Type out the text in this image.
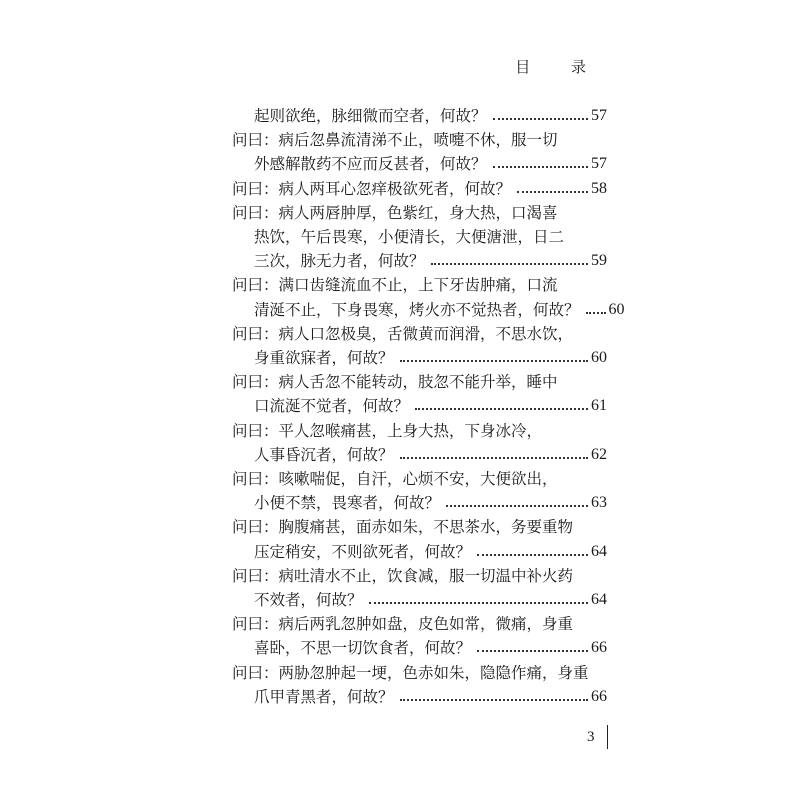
目 录
起则欲绝，脉细微而空者，何故？	57
问曰：病后忽鼻流清涕不止，喷嚏不休，服一切
外感解散药不应而反甚者，何故？	57
问曰：病人两耳心忽痒极欲死者，何故？	58
问曰：病人两唇肿厚，色紫红，身大热，口渴喜
热饮，午后畏寒，小便清长，大便溏泄，日二
三次，脉无力者，何故？	59
问曰：满口齿缝流血不止，上下牙齿肿痛，口流
清涎不止，下身畏寒，烤火亦不觉热者，何故？ 60
问曰：病人口忽极臭，舌微黄而润滑，不思水饮，
身重欲寐者，何故？	60
问曰：病人舌忽不能转动，肢忽不能升举，睡中
口流涎不觉者，何故？	61
问曰：平人忽喉痛甚，上身大热，下身冰冷，
人事昏沉者，何故？	62
问曰：咳嗽喘促，自汗，心烦不安，大便欲出，
小便不禁，畏寒者，何故？	63
问曰：胸腹痛甚，面赤如朱，不思茶水，务要重物
压定稍安，不则欲死者，何故？	64
问曰：病吐清水不止，饮食减，服一切温中补火药
不效者，何故？	64
问曰：病后两乳忽肿如盘，皮色如常，微痛，身重
喜卧，不思一切饮食者，何故？	66
问曰：两胁忽肿起一埂，色赤如朱，隐隐作痛，身重
爪甲青黑者，何故？	66
3
